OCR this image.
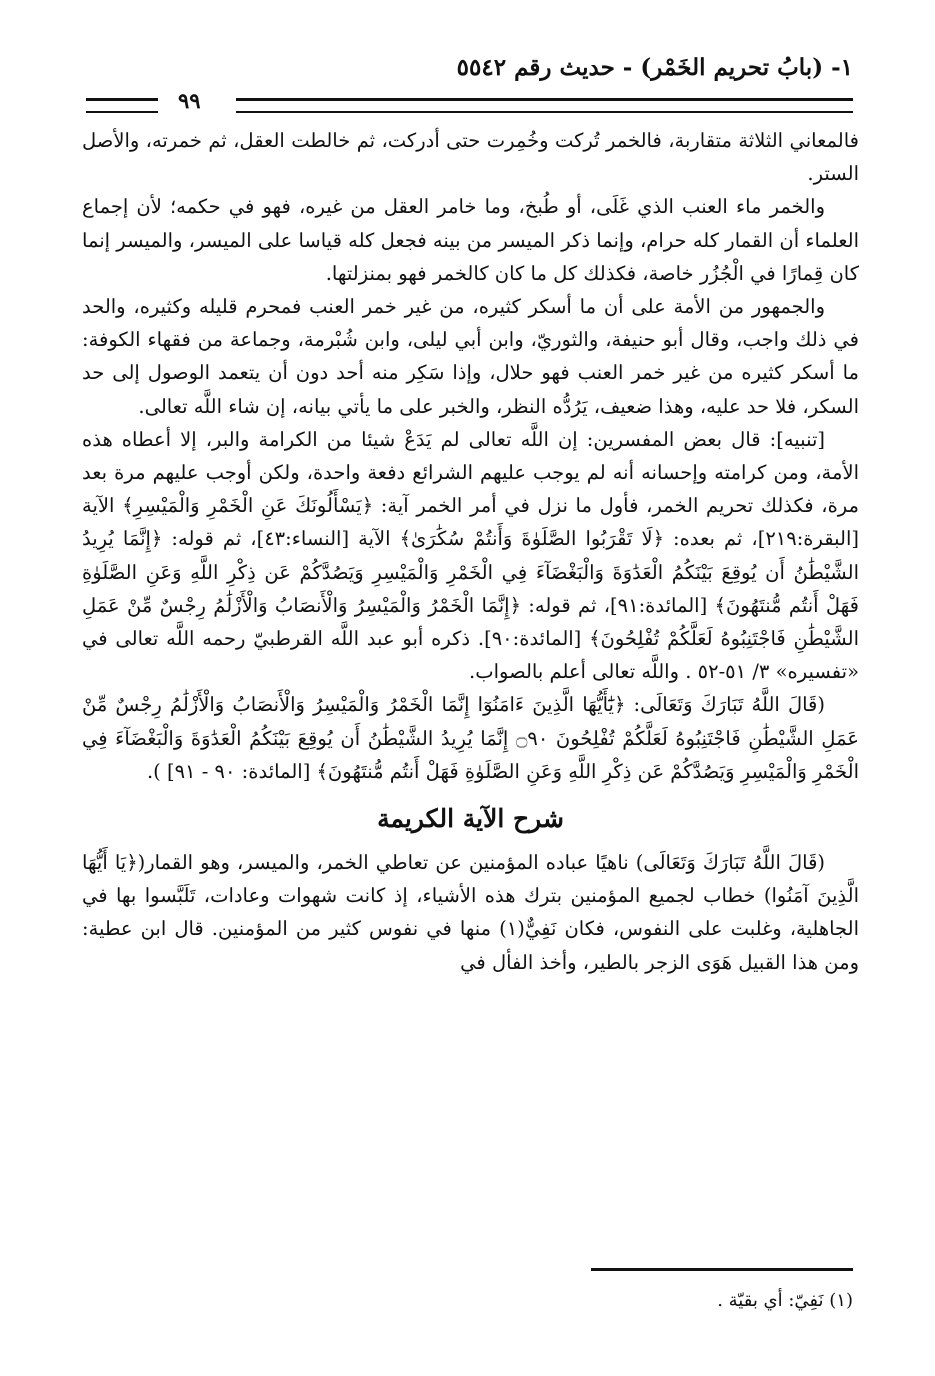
١- (بابُ تحريم الخَمْر) - حديث رقم ٥٥٤٢
٩٩

فالمعاني الثلاثة متقاربة، فالخمر تُركت وخُمِرت حتى أدركت، ثم خالطت العقل، ثم خمرته، والأصل الستر.

والخمر ماء العنب الذي غَلَى، أو طُبخ، وما خامر العقل من غيره، فهو في حكمه؛ لأن إجماع العلماء أن القمار كله حرام، وإنما ذكر الميسر من بينه فجعل كله قياسا على الميسر، والميسر إنما كان قِمارًا في الْجُزُر خاصة، فكذلك كل ما كان كالخمر فهو بمنزلتها.

والجمهور من الأمة على أن ما أسكر كثيره، من غير خمر العنب فمحرم قليله وكثيره، والحد في ذلك واجب، وقال أبو حنيفة، والثوريّ، وابن أبي ليلى، وابن شُبْرمة، وجماعة من فقهاء الكوفة: ما أسكر كثيره من غير خمر العنب فهو حلال، وإذا سَكِر منه أحد دون أن يتعمد الوصول إلى حد السكر، فلا حد عليه، وهذا ضعيف، يَرُدُّه النظر، والخبر على ما يأتي بيانه، إن شاء اللَّه تعالى.

[تنبيه]: قال بعض المفسرين: إن اللَّه تعالى لم يَدَعْ شيئا من الكرامة والبر، إلا أعطاه هذه الأمة، ومن كرامته وإحسانه أنه لم يوجب عليهم الشرائع دفعة واحدة، ولكن أوجب عليهم مرة بعد مرة، فكذلك تحريم الخمر، فأول ما نزل في أمر الخمر آية: ﴿يَسْأَلُونَكَ عَنِ الْخَمْرِ وَالْمَيْسِرِ﴾ الآية [البقرة:٢١٩]، ثم بعده: ﴿لَا تَقْرَبُوا الصَّلَوٰةَ وَأَنتُمْ سُكَٰرَىٰ﴾ الآية [النساء:٤٣]، ثم قوله: ﴿إِنَّمَا يُرِيدُ الشَّيْطَٰنُ أَن يُوقِعَ بَيْنَكُمُ الْعَدَٰوَةَ وَالْبَغْضَآءَ فِي الْخَمْرِ وَالْمَيْسِرِ وَيَصُدَّكُمْ عَن ذِكْرِ اللَّهِ وَعَنِ الصَّلَوٰةِ فَهَلْ أَنتُم مُّنتَهُونَ﴾ [المائدة:٩١]، ثم قوله: ﴿إِنَّمَا الْخَمْرُ وَالْمَيْسِرُ وَالْأَنصَابُ وَالْأَزْلَٰمُ رِجْسٌ مِّنْ عَمَلِ الشَّيْطَٰنِ فَاجْتَنِبُوهُ لَعَلَّكُمْ تُفْلِحُونَ﴾ [المائدة:٩٠]. ذكره أبو عبد اللَّه القرطبيّ رحمه اللَّه تعالى في «تفسيره» ٣/ ٥١-٥٢ . واللَّه تعالى أعلم بالصواب.

(قَالَ اللَّهُ تَبَارَكَ وَتَعَالَى: ﴿يَٰٓأَيُّهَا الَّذِينَ ءَامَنُوٓا إِنَّمَا الْخَمْرُ وَالْمَيْسِرُ وَالْأَنصَابُ وَالْأَزْلَٰمُ رِجْسٌ مِّنْ عَمَلِ الشَّيْطَٰنِ فَاجْتَنِبُوهُ لَعَلَّكُمْ تُفْلِحُونَ ۝٩٠ إِنَّمَا يُرِيدُ الشَّيْطَٰنُ أَن يُوقِعَ بَيْنَكُمُ الْعَدَٰوَةَ وَالْبَغْضَآءَ فِي الْخَمْرِ وَالْمَيْسِرِ وَيَصُدَّكُمْ عَن ذِكْرِ اللَّهِ وَعَنِ الصَّلَوٰةِ فَهَلْ أَنتُم مُّنتَهُونَ﴾ [المائدة: ٩٠ - ٩١] ).

شرح الآية الكريمة

(قَالَ اللَّهُ تَبَارَكَ وَتَعَالَى) ناهيًا عباده المؤمنين عن تعاطي الخمر، والميسر، وهو القمار(﴿يَا أَيُّهَا الَّذِينَ آمَنُوا) خطاب لجميع المؤمنين بترك هذه الأشياء، إذ كانت شهوات وعادات، تَلَبَّسوا بها في الجاهلية، وغلبت على النفوس، فكان نَفِيٌّ(١) منها في نفوس كثير من المؤمنين. قال ابن عطية: ومن هذا القبيل هَوَى الزجر بالطير، وأخذ الفأل في

(١) نَفِيّ: أي بقيّة .
